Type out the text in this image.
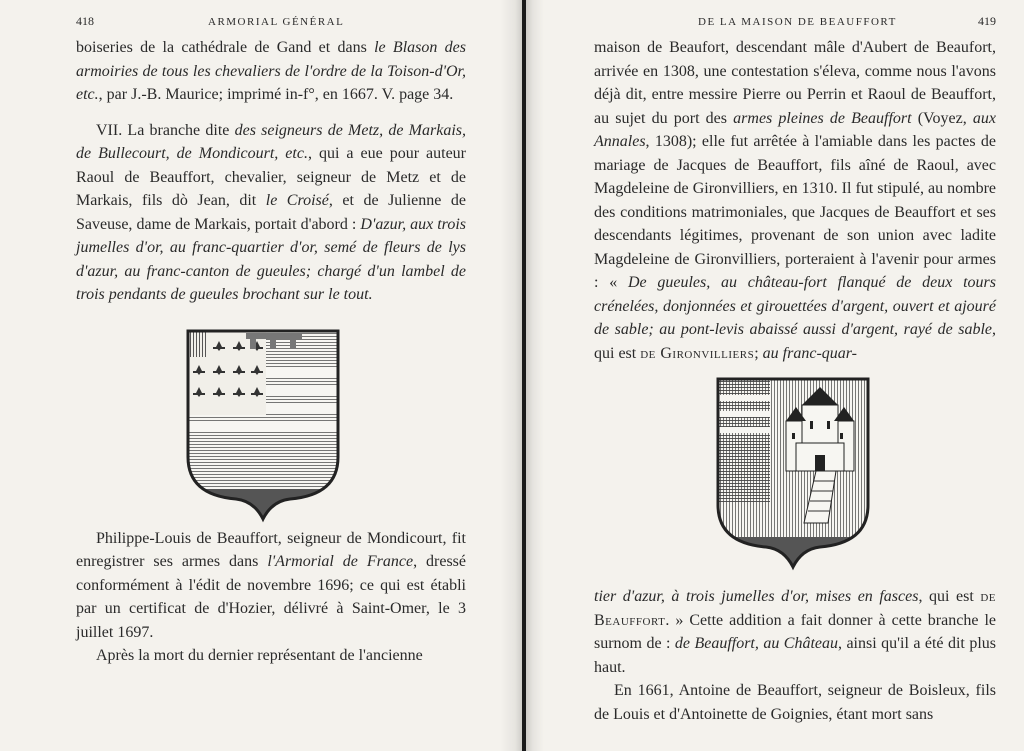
418	ARMORIAL GÉNÉRAL

boiseries de la cathédrale de Gand et dans le Blason des armoiries de tous les chevaliers de l'ordre de la Toison-d'Or, etc., par J.-B. Maurice; imprimé in-f°, en 1667. V. page 34.

VII. La branche dite des seigneurs de Metz, de Markais, de Bullecourt, de Mondicourt, etc., qui a eue pour auteur Raoul de Beauffort, chevalier, seigneur de Metz et de Markais, fils dò Jean, dit le Croisé, et de Julienne de Saveuse, dame de Markais, portait d'abord : D'azur, aux trois jumelles d'or, au franc-quartier d'or, semé de fleurs de lys d'azur, au franc-canton de gueules; chargé d'un lambel de trois pendants de gueules brochant sur le tout.

Philippe-Louis de Beauffort, seigneur de Mondicourt, fit enregistrer ses armes dans l'Armorial de France, dressé conformément à l'édit de novembre 1696; ce qui est établi par un certificat de d'Hozier, délivré à Saint-Omer, le 3 juillet 1697.

Après la mort du dernier représentant de l'ancienne

DE LA MAISON DE BEAUFFORT	419

maison de Beaufort, descendant mâle d'Aubert de Beaufort, arrivée en 1308, une contestation s'éleva, comme nous l'avons déjà dit, entre messire Pierre ou Perrin et Raoul de Beauffort, au sujet du port des armes pleines de Beauffort (Voyez, aux Annales, 1308); elle fut arrêtée à l'amiable dans les pactes de mariage de Jacques de Beauffort, fils aîné de Raoul, avec Magdeleine de Gironvilliers, en 1310. Il fut stipulé, au nombre des conditions matrimoniales, que Jacques de Beauffort et ses descendants légitimes, provenant de son union avec ladite Magdeleine de Gironvilliers, porteraient à l'avenir pour armes : « De gueules, au château-fort flanqué de deux tours crénelées, donjonnées et girouettées d'argent, ouvert et ajouré de sable; au pont-levis abaissé aussi d'argent, rayé de sable, qui est de Gironvilliers; au franc-quar-

tier d'azur, à trois jumelles d'or, mises en fasces, qui est de Beauffort. » Cette addition a fait donner à cette branche le surnom de : de Beauffort, au Château, ainsi qu'il a été dit plus haut.

En 1661, Antoine de Beauffort, seigneur de Boisleux, fils de Louis et d'Antoinette de Goignies, étant mort sans
